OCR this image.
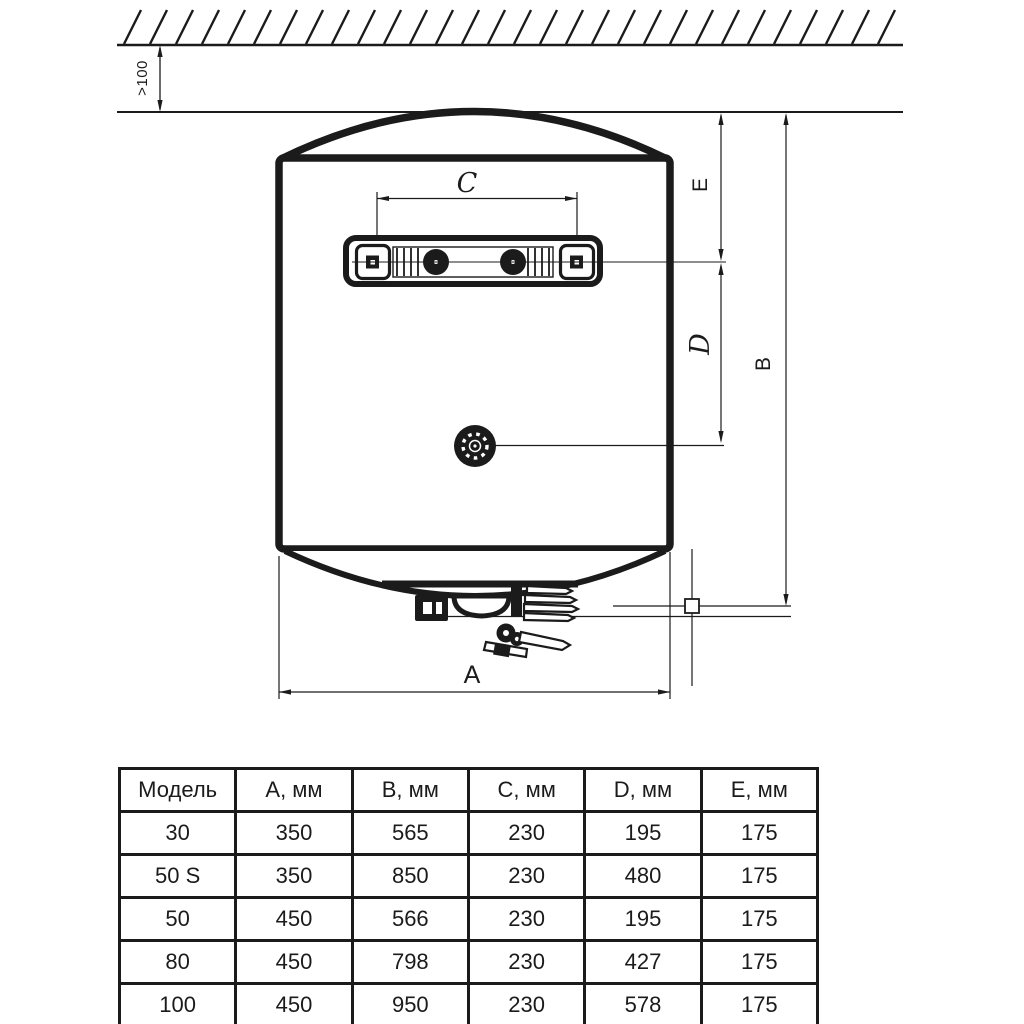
>100
C	E
D
B
A
Модель	A, мм	B, мм	C, мм	D, мм	E, мм
30	350	565	230	195	175
50 S	350	850	230	480	175
50	450	566	230	195	175
80	450	798	230	427	175
100	450	950	230	578	175
